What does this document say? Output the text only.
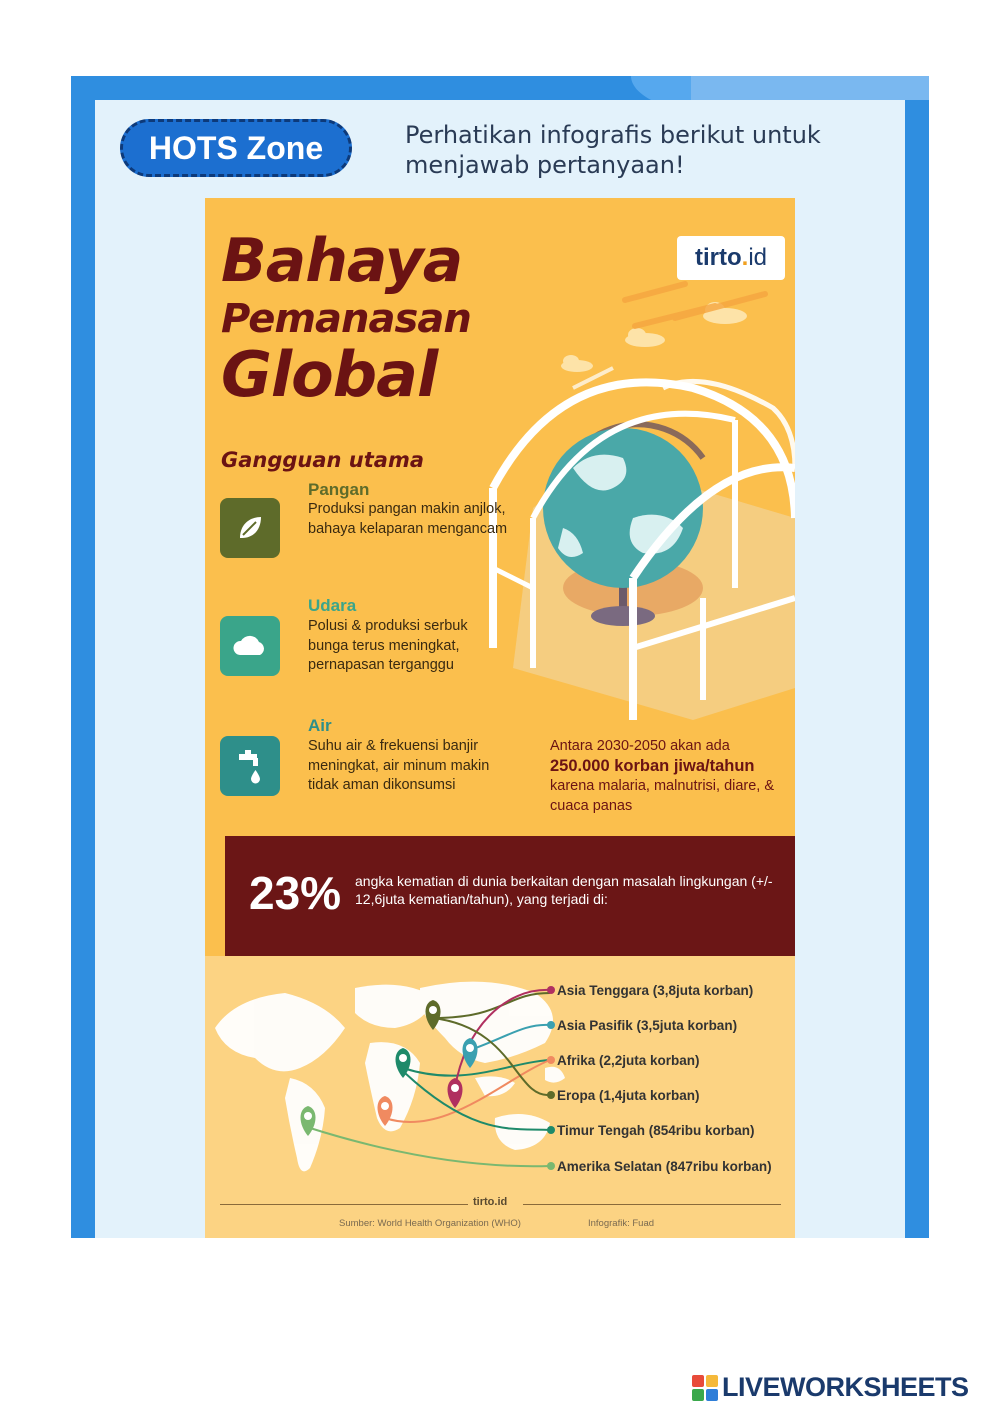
HOTS Zone	Perhatikan infografis berikut untuk menjawab pertanyaan!
Bahaya
Pemanasan
Global
tirto . id
Gangguan utama
Pangan
Produksi pangan makin anjlok, bahaya kelaparan mengancam
Udara
Polusi & produksi serbuk bunga terus meningkat, pernapasan terganggu
Air
Suhu air & frekuensi banjir meningkat, air minum makin tidak aman dikonsumsi
Antara 2030-2050 akan ada
250.000 korban jiwa/tahun
karena malaria, malnutrisi, diare, & cuaca panas
23% angka kematian di dunia berkaitan dengan masalah lingkungan (+/- 12,6juta kematian/tahun), yang terjadi di:
Asia Tenggara (3,8juta korban)
Asia Pasifik (3,5juta korban)
Afrika (2,2juta korban)
Eropa (1,4juta korban)
Timur Tengah (854ribu korban)
Amerika Selatan (847ribu korban)
tirto.id
Sumber: World Health Organization (WHO)	Infografik: Fuad
LIVEWORKSHEETS
